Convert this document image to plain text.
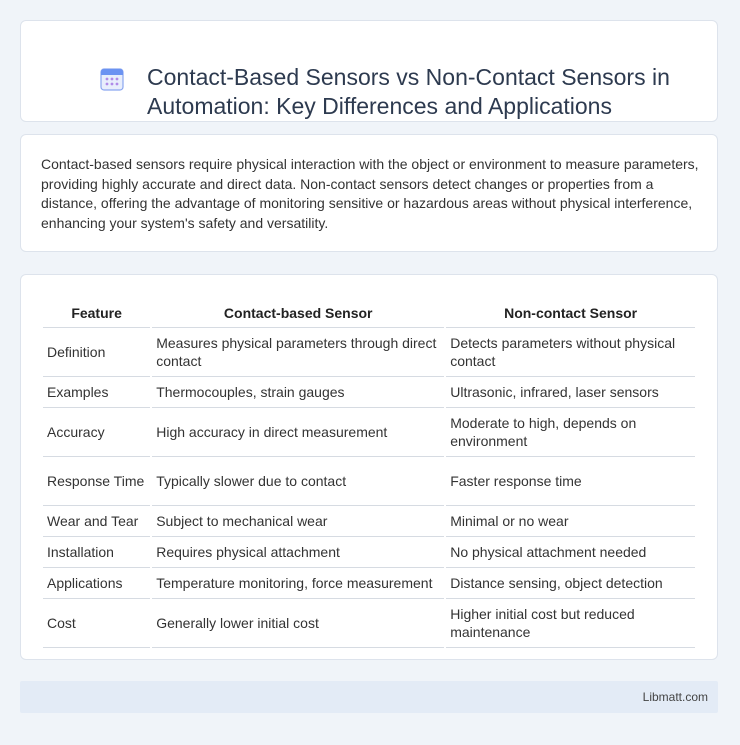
Contact-Based Sensors vs Non-Contact Sensors in Automation: Key Differences and Applications

Contact-based sensors require physical interaction with the object or environment to measure parameters, providing highly accurate and direct data. Non-contact sensors detect changes or properties from a distance, offering the advantage of monitoring sensitive or hazardous areas without physical interference, enhancing your system's safety and versatility.

Feature	Contact-based Sensor	Non-contact Sensor
Definition	Measures physical parameters through direct contact	Detects parameters without physical contact
Examples	Thermocouples, strain gauges	Ultrasonic, infrared, laser sensors
Accuracy	High accuracy in direct measurement	Moderate to high, depends on environment
Response Time	Typically slower due to contact	Faster response time
Wear and Tear	Subject to mechanical wear	Minimal or no wear
Installation	Requires physical attachment	No physical attachment needed
Applications	Temperature monitoring, force measurement	Distance sensing, object detection
Cost	Generally lower initial cost	Higher initial cost but reduced maintenance
Libmatt.com
